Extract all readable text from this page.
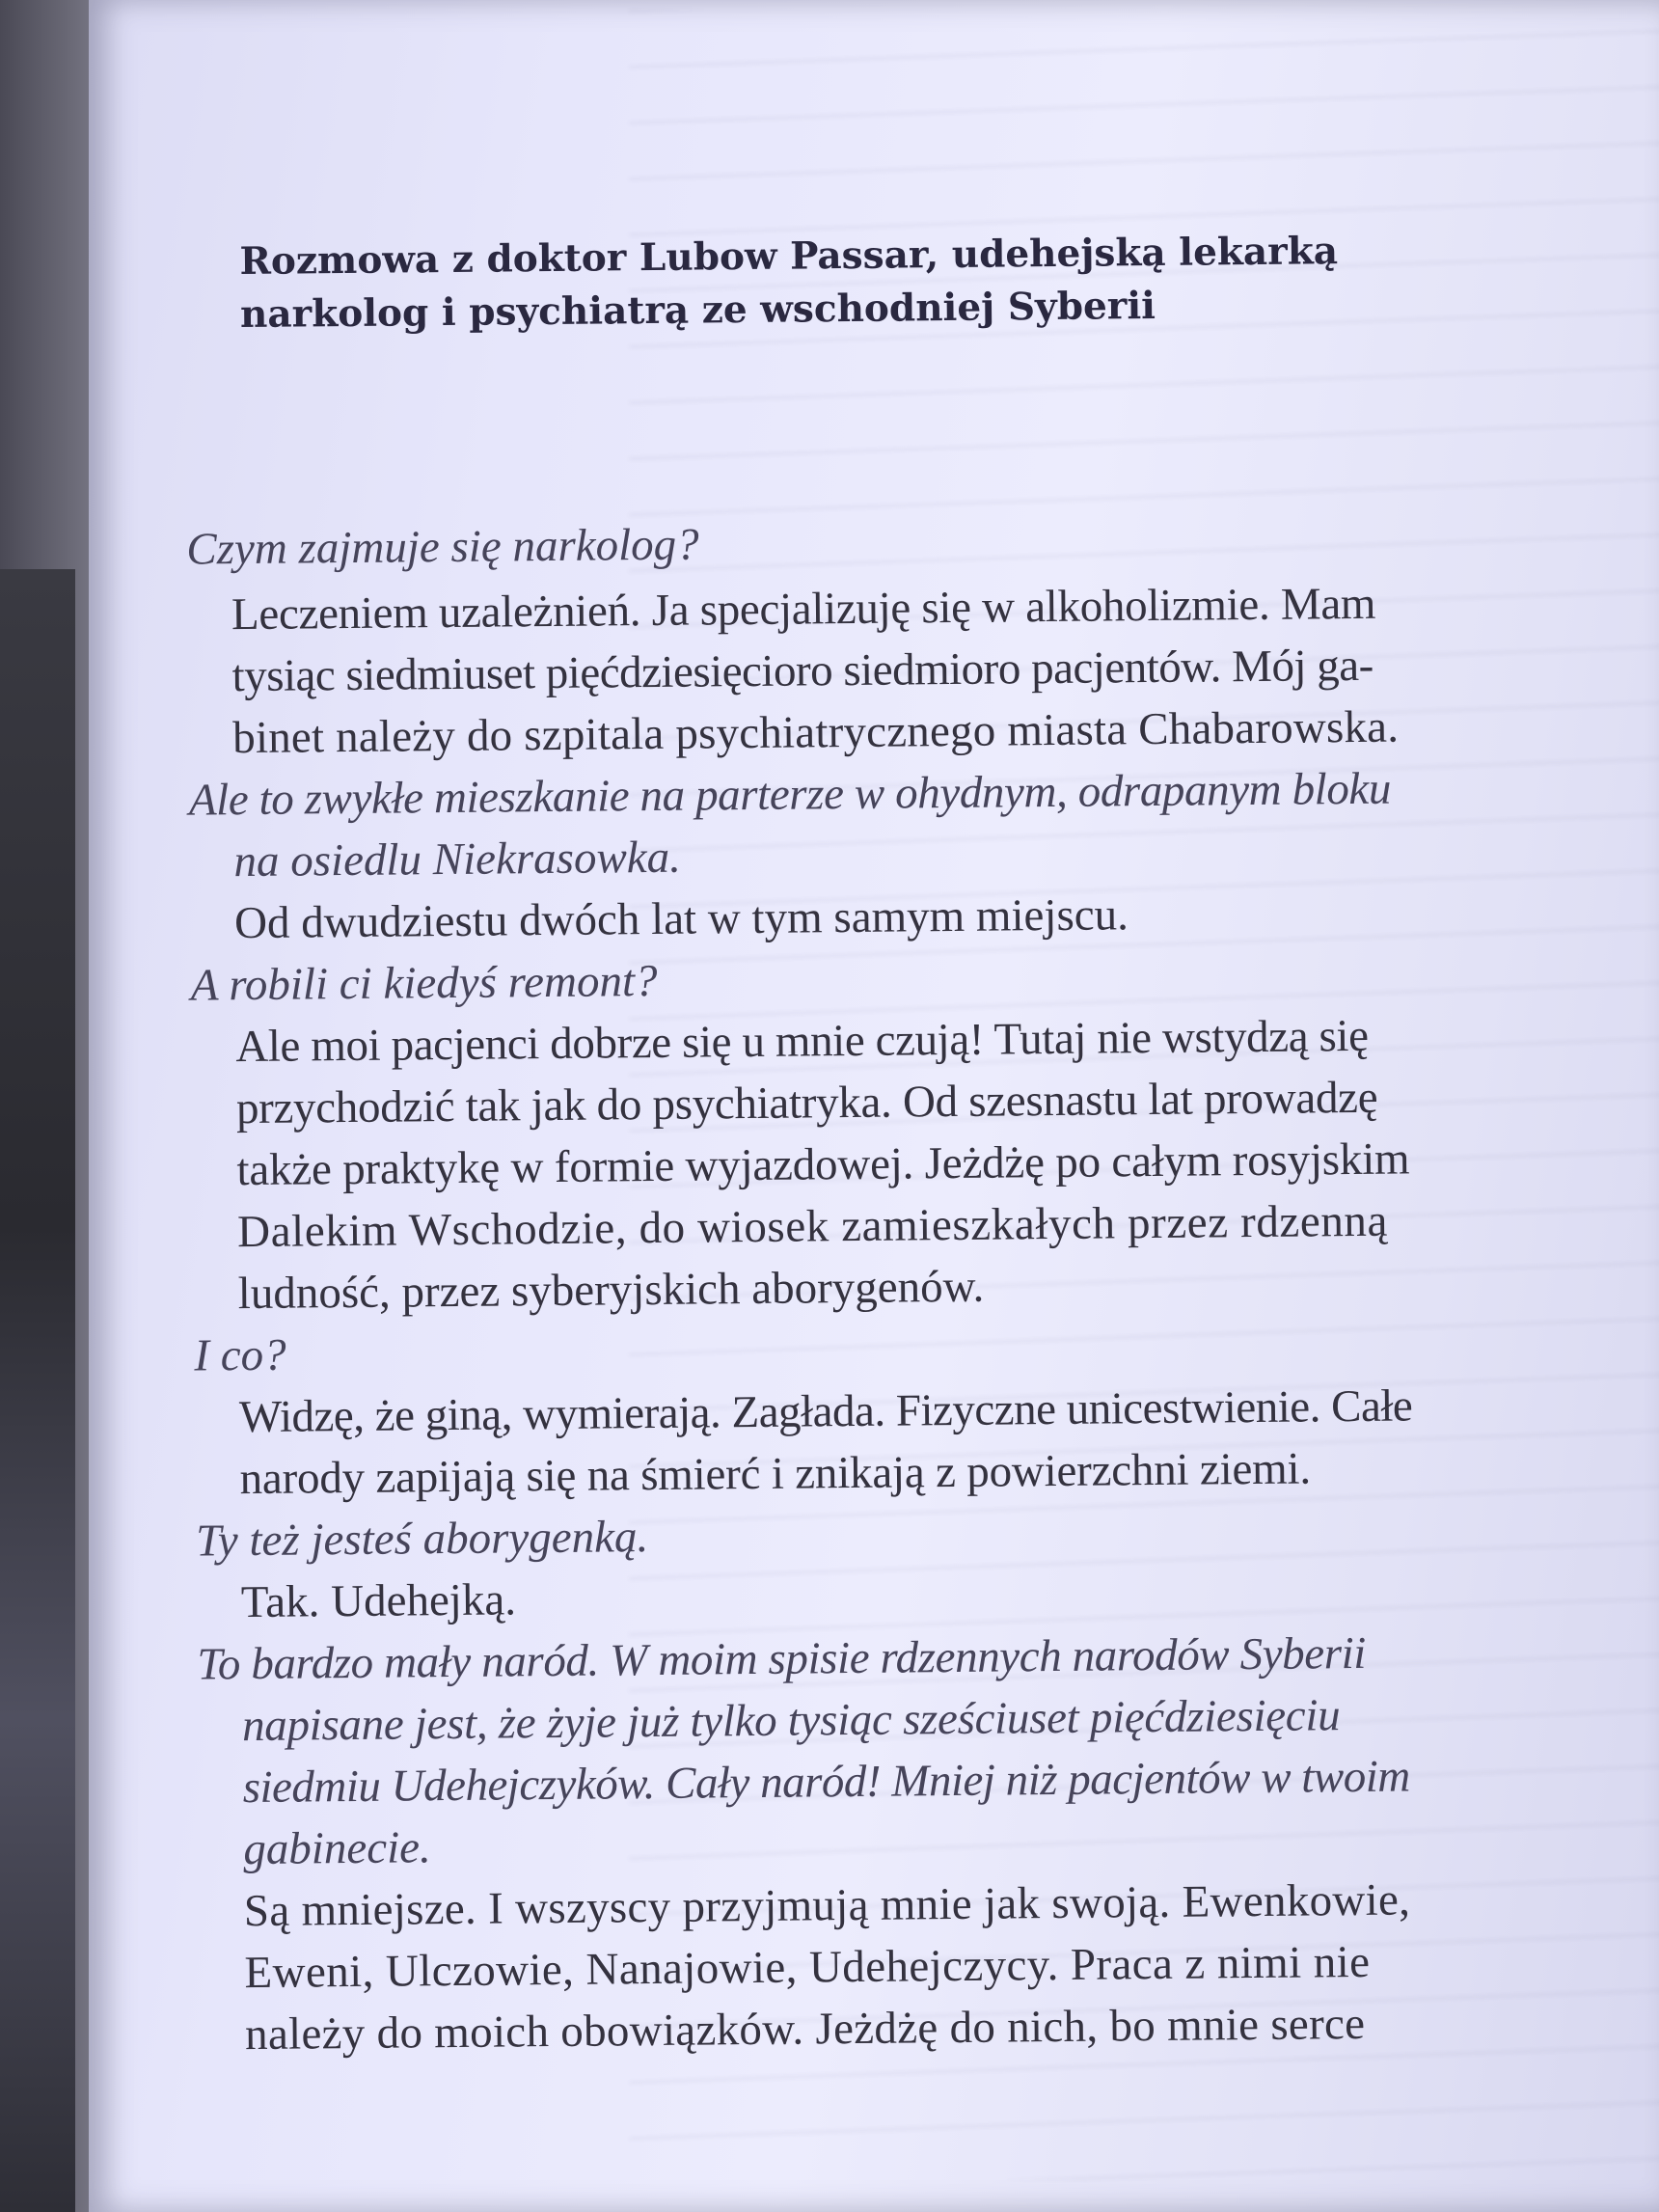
Rozmowa z doktor Lubow Passar, udehejską lekarką
narkolog i psychiatrą ze wschodniej Syberii
Czym zajmuje się narkolog?
Leczeniem uzależnień. Ja specjalizuję się w alkoholizmie. Mam
tysiąc siedmiuset pięćdziesięcioro siedmioro pacjentów. Mój ga-
binet należy do szpitala psychiatrycznego miasta Chabarowska.
Ale to zwykłe mieszkanie na parterze w ohydnym, odrapanym bloku
na osiedlu Niekrasowka.
Od dwudziestu dwóch lat w tym samym miejscu.
A robili ci kiedyś remont?
Ale moi pacjenci dobrze się u mnie czują! Tutaj nie wstydzą się
przychodzić tak jak do psychiatryka. Od szesnastu lat prowadzę
także praktykę w formie wyjazdowej. Jeżdżę po całym rosyjskim
Dalekim Wschodzie, do wiosek zamieszkałych przez rdzenną
ludność, przez syberyjskich aborygenów.
I co?
Widzę, że giną, wymierają. Zagłada. Fizyczne unicestwienie. Całe
narody zapijają się na śmierć i znikają z powierzchni ziemi.
Ty też jesteś aborygenką.
Tak. Udehejką.
To bardzo mały naród. W moim spisie rdzennych narodów Syberii
napisane jest, że żyje już tylko tysiąc sześciuset pięćdziesięciu
siedmiu Udehejczyków. Cały naród! Mniej niż pacjentów w twoim
gabinecie.
Są mniejsze. I wszyscy przyjmują mnie jak swoją. Ewenkowie,
Eweni, Ulczowie, Nanajowie, Udehejczycy. Praca z nimi nie
należy do moich obowiązków. Jeżdżę do nich, bo mnie serce
